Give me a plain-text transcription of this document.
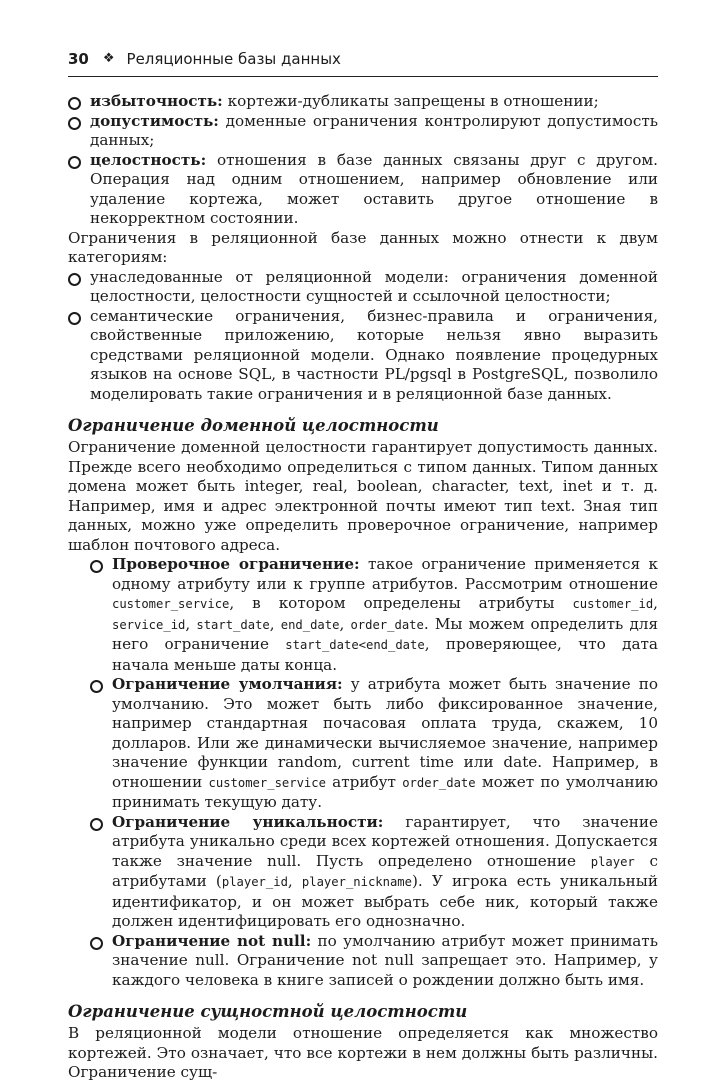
30 ❖ Реляционные базы данных
избыточность: кортежи-дубликаты запрещены в отношении;
допустимость: доменные ограничения контролируют допустимость данных;
целостность: отношения в базе данных связаны друг с другом. Операция над одним отношением, например обновление или удаление кортежа, может оставить другое отношение в некорректном состоянии.

Ограничения в реляционной базе данных можно отнести к двум категориям:

унаследованные от реляционной модели: ограничения доменной целостности, целостности сущностей и ссылочной целостности;
семантические ограничения, бизнес-правила и ограничения, свойственные приложению, которые нельзя явно выразить средствами реляционной модели. Однако появление процедурных языков на основе SQL, в частности PL/pgsql в PostgreSQL, позволило моделировать такие ограничения и в реляционной базе данных.
Ограничение доменной целостности

Ограничение доменной целостности гарантирует допустимость данных. Прежде всего необходимо определиться с типом данных. Типом данных домена может быть integer, real, boolean, character, text, inet и т. д. Например, имя и адрес электронной почты имеют тип text. Зная тип данных, можно уже определить проверочное ограничение, например шаблон почтового адреса.

Проверочное ограничение: такое ограничение применяется к одному атрибуту или к группе атрибутов. Рассмотрим отношение customer_service, в котором определены атрибуты customer_id, service_id, start_date, end_date, order_date. Мы можем определить для него ограничение start_date<end_date, проверяющее, что дата начала меньше даты конца.
Ограничение умолчания: у атрибута может быть значение по умолчанию. Это может быть либо фиксированное значение, например стандартная почасовая оплата труда, скажем, 10 долларов. Или же динамически вычисляемое значение, например значение функции random, current time или date. Например, в отношении customer_service атрибут order_date может по умолчанию принимать текущую дату.
Ограничение уникальности: гарантирует, что значение атрибута уникально среди всех кортежей отношения. Допускается также значение null. Пусть определено отношение player с атрибутами (player_id, player_nickname). У игрока есть уникальный идентификатор, и он может выбрать себе ник, который также должен идентифицировать его однозначно.
Ограничение not null: по умолчанию атрибут может принимать значение null. Ограничение not null запрещает это. Например, у каждого человека в книге записей о рождении должно быть имя.
Ограничение сущностной целостности

В реляционной модели отношение определяется как множество кортежей. Это означает, что все кортежи в нем должны быть различны. Ограничение сущ-
